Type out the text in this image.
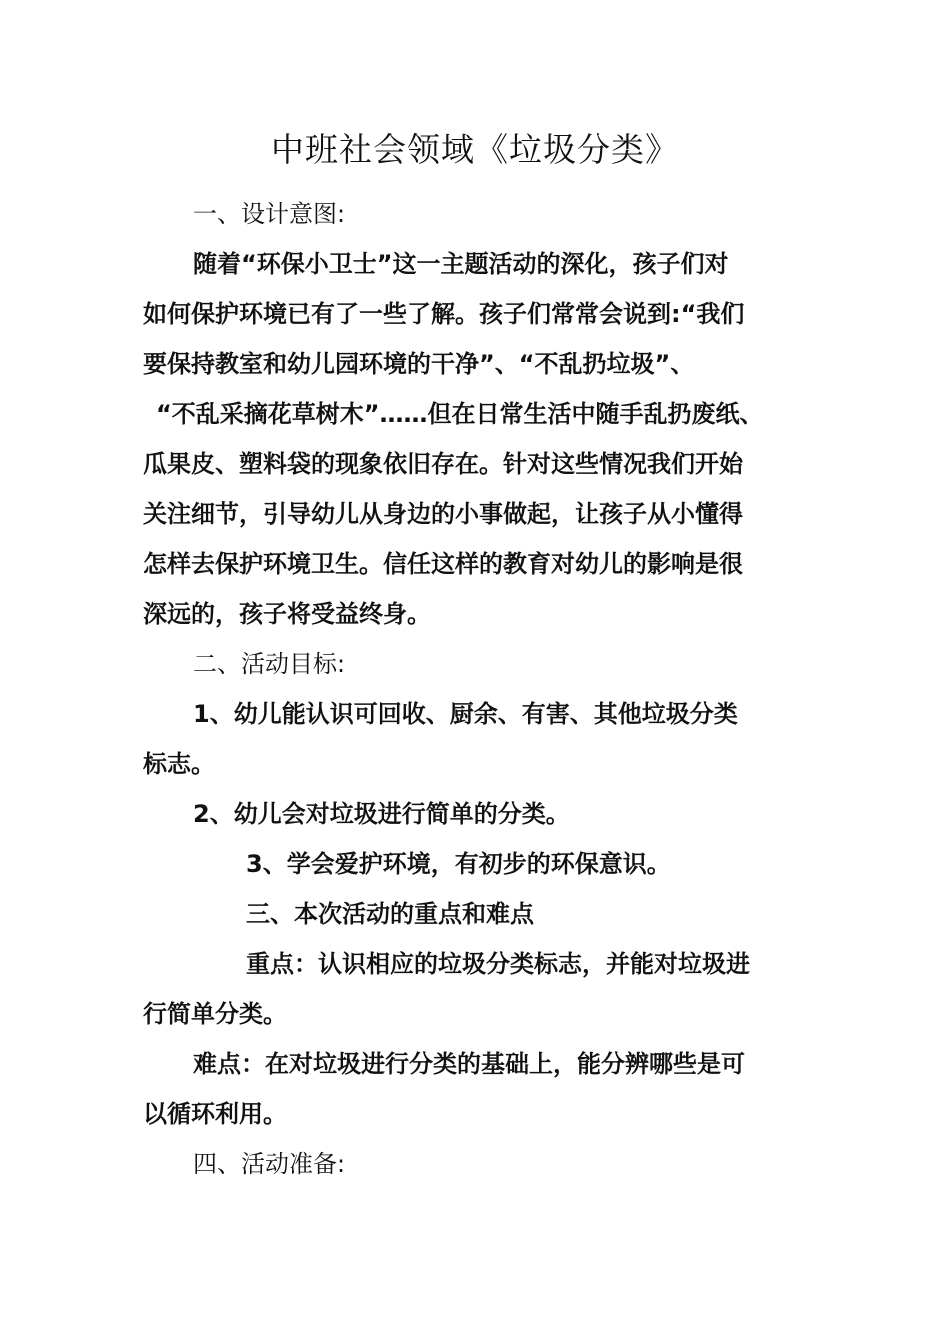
中班社会领域《垃圾分类》

一、设计意图:

随着“环保小卫士”这一主题活动的深化，孩子们对

如何保护环境已有了一些了解。孩子们常常会说到:“我们

要保持教室和幼儿园环境的干净”、“不乱扔垃圾”、

“不乱采摘花草树木”……但在日常生活中随手乱扔废纸、

瓜果皮、塑料袋的现象依旧存在。针对这些情况我们开始

关注细节，引导幼儿从身边的小事做起，让孩子从小懂得

怎样去保护环境卫生。信任这样的教育对幼儿的影响是很

深远的，孩子将受益终身。

二、活动目标:

1、幼儿能认识可回收、厨余、有害、其他垃圾分类

标志。

2、幼儿会对垃圾进行简单的分类。

3、学会爱护环境，有初步的环保意识。

三、本次活动的重点和难点

重点：认识相应的垃圾分类标志，并能对垃圾进

行简单分类。

难点：在对垃圾进行分类的基础上，能分辨哪些是可

以循环利用。

四、活动准备:
